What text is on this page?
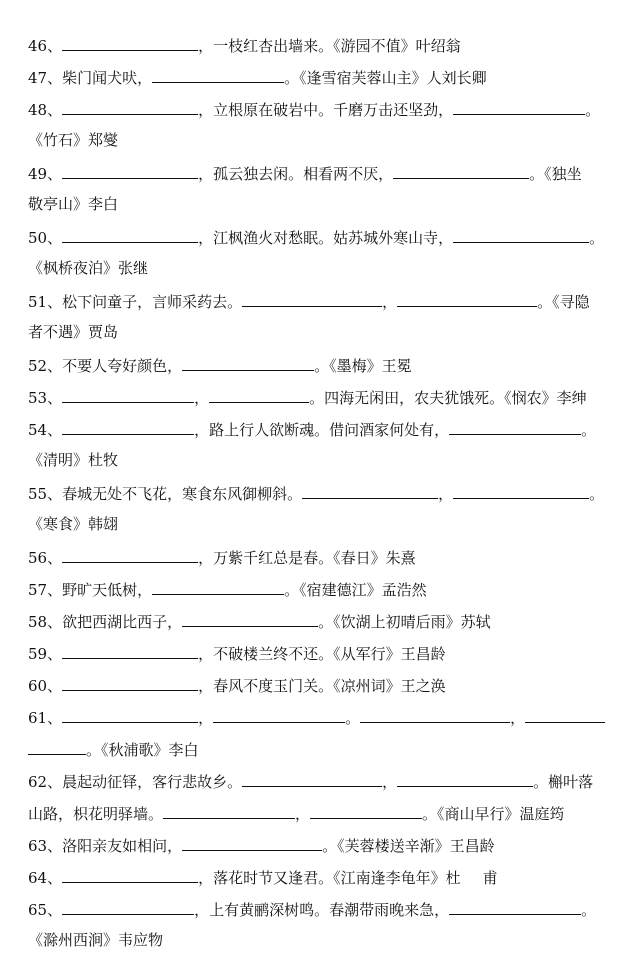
46、	，一枝红杏出墙来。《游园不值》叶绍翁
47、柴门闻犬吠，	。《逢雪宿芙蓉山主》人刘长卿
48、	，立根原在破岩中。千磨万击还坚劲，	。
《竹石》郑燮
49、	，孤云独去闲。相看两不厌，	。《独坐
敬亭山》李白
50、	，江枫渔火对愁眠。姑苏城外寒山寺，	。
《枫桥夜泊》张继
51、松下问童子，言师采药去。	，	。《寻隐
者不遇》贾岛
52、不要人夸好颜色，	。《墨梅》王冕
53、	，	。四海无闲田，农夫犹饿死。《悯农》李绅
54、	，路上行人欲断魂。借问酒家何处有，	。
《清明》杜牧
55、春城无处不飞花，寒食东风御柳斜。	，	。
《寒食》韩翃
56、	，万紫千红总是春。《春日》朱熹
57、野旷天低树，	。《宿建德江》孟浩然
58、欲把西湖比西子，	。《饮湖上初晴后雨》苏轼
59、	，不破楼兰终不还。《从军行》王昌龄
60、	，春风不度玉门关。《凉州词》王之涣
61、	，	。	，
。《秋浦歌》李白
62、晨起动征铎，客行悲故乡。	，	。槲叶落
山路，枳花明驿墙。	，	。《商山早行》温庭筠
63、洛阳亲友如相问，	。《芙蓉楼送辛渐》王昌龄
64、	，落花时节又逢君。《江南逢李龟年》杜 甫
65、	，上有黄鹂深树鸣。春潮带雨晚来急，	。
《滁州西涧》韦应物
